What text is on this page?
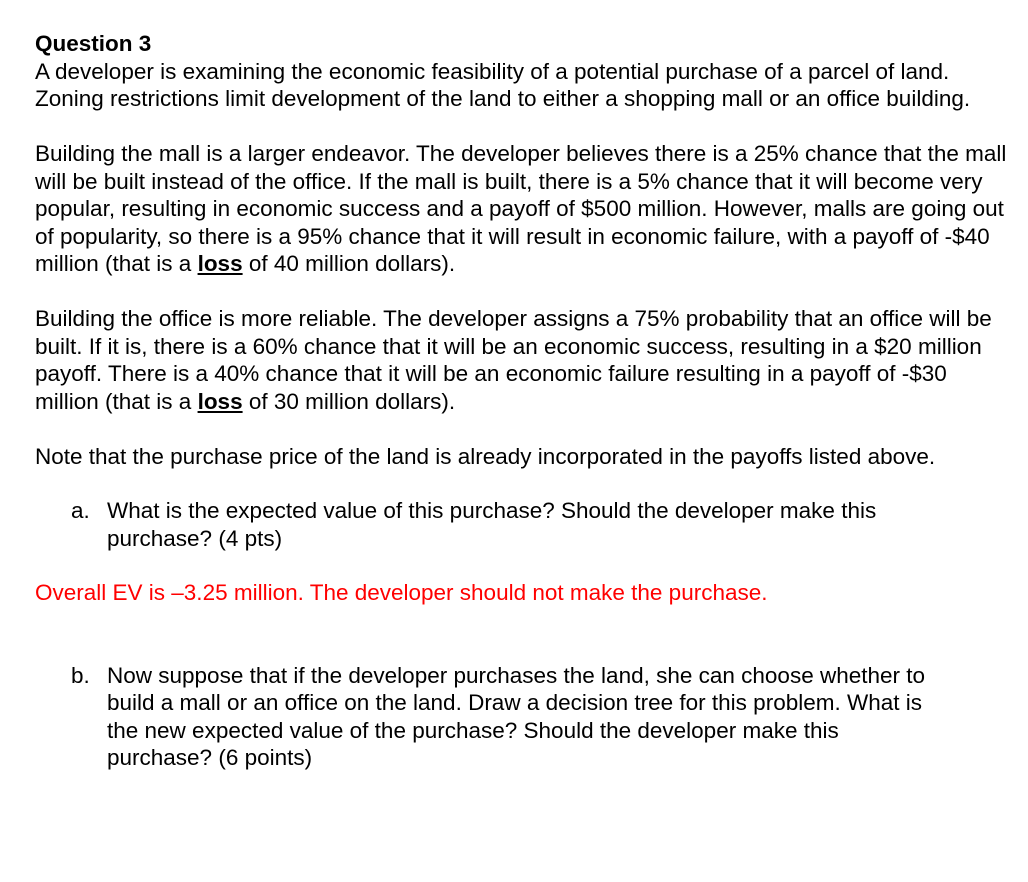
Question 3

A developer is examining the economic feasibility of a potential purchase of a parcel of land. Zoning restrictions limit development of the land to either a shopping mall or an office building.

Building the mall is a larger endeavor. The developer believes there is a 25% chance that the mall will be built instead of the office. If the mall is built, there is a 5% chance that it will become very popular, resulting in economic success and a payoff of $500 million. However, malls are going out of popularity, so there is a 95% chance that it will result in economic failure, with a payoff of -$40 million (that is a loss of 40 million dollars).

Building the office is more reliable. The developer assigns a 75% probability that an office will be built. If it is, there is a 60% chance that it will be an economic success, resulting in a $20 million payoff. There is a 40% chance that it will be an economic failure resulting in a payoff of -$30 million (that is a loss of 30 million dollars).

Note that the purchase price of the land is already incorporated in the payoffs listed above.

a. What is the expected value of this purchase? Should the developer make this purchase? (4 pts)

Overall EV is –3.25 million. The developer should not make the purchase.

b. Now suppose that if the developer purchases the land, she can choose whether to build a mall or an office on the land. Draw a decision tree for this problem. What is the new expected value of the purchase? Should the developer make this purchase? (6 points)
